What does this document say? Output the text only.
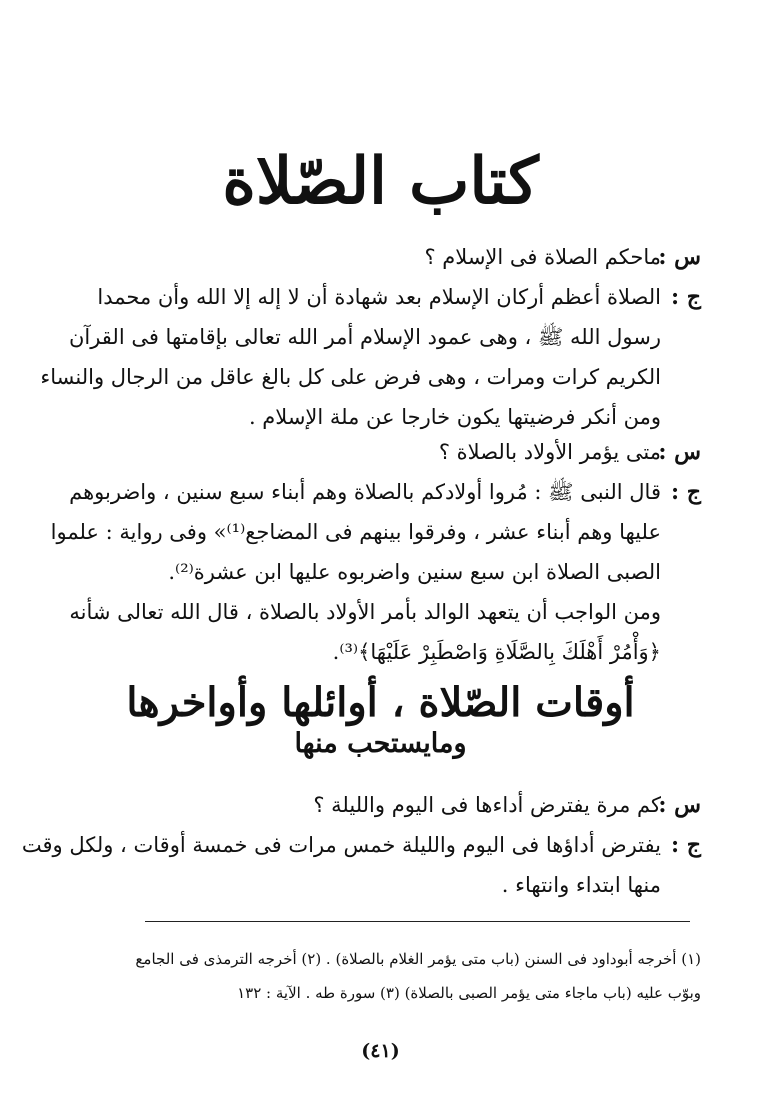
كتاب الصّلاة
س :
ماحكم الصلاة فى الإسلام ؟
ج :
الصلاة أعظم أركان الإسلام بعد شهادة أن لا إله إلا الله وأن محمدا
رسول الله ﷺ ، وهى عمود الإسلام أمر الله تعالى بإقامتها فى القرآن
الكريم كرات ومرات ، وهى فرض على كل بالغ عاقل من الرجال والنساء
ومن أنكر فرضيتها يكون خارجا عن ملة الإسلام .
س :
متى يؤمر الأولاد بالصلاة ؟
ج :
قال النبى ﷺ : مُروا أولادكم بالصلاة وهم أبناء سبع سنين ، واضربوهم
عليها وهم أبناء عشر ، وفرقوا بينهم فى المضاجع⁽¹⁾» وفى رواية : علموا
الصبى الصلاة ابن سبع سنين واضربوه عليها ابن عشرة⁽²⁾.
ومن الواجب أن يتعهد الوالد بأمر الأولاد بالصلاة ، قال الله تعالى شأنه
﴿وَأْمُرْ أَهْلَكَ بِالصَّلَاةِ وَاصْطَبِرْ عَلَيْهَا﴾⁽³⁾.
أوقات الصّلاة ، أوائلها وأواخرها
ومايستحب منها
س :
كم مرة يفترض أداءها فى اليوم والليلة ؟
ج :
يفترض أداؤها فى اليوم والليلة خمس مرات فى خمسة أوقات ، ولكل وقت
منها ابتداء وانتهاء .
(١) أخرجه أبوداود فى السنن (باب متى يؤمر الغلام بالصلاة) . (٢) أخرجه الترمذى فى الجامع
وبوّب عليه (باب ماجاء متى يؤمر الصبى بالصلاة) (٣) سورة طه . الآية : ١٣٢
(٤١)
